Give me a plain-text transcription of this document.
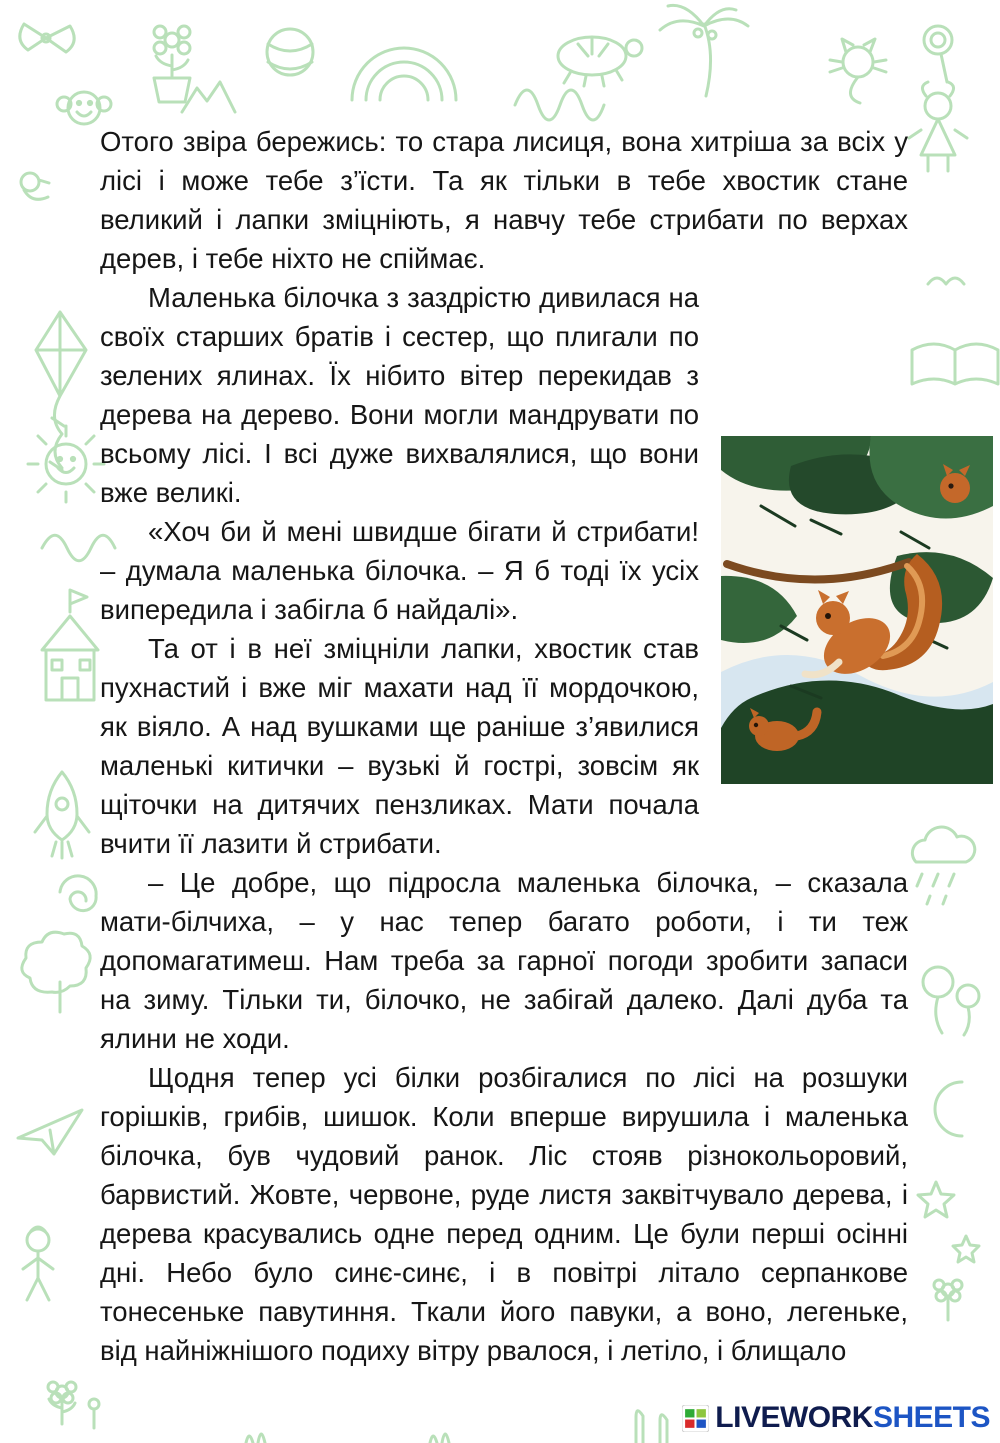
Отого звіра бережись: то стара лисиця, вона хитріша за всіх у лісі і може тебе з’їсти. Та як тільки в тебе хвостик стане великий і лапки зміцніють, я навчу тебе стрибати по верхах дерев, і тебе ніхто не спіймає.

Маленька білочка з заздрістю дивилася на своїх старших братів і сестер, що плигали по зелених ялинах. Їх нібито вітер перекидав з дерева на дерево. Вони могли мандрувати по всьому лісі. І всі дуже вихвалялися, що вони вже великі.

«Хоч би й мені швидше бігати й стрибати! – думала маленька білочка. – Я б тоді їх усіх випередила і забігла б найдалі».

Та от і в неї зміцніли лапки, хвостик став пухнастий і вже міг махати над її мордочкою, як віяло. А над вушками ще раніше з’явилися маленькі китички – вузькі й гострі, зовсім як щіточки на дитячих пензликах. Мати почала вчити її лазити й стрибати.

– Це добре, що підросла маленька білочка, – сказала мати-білчиха, – у нас тепер багато роботи, і ти теж допомагатимеш. Нам треба за гарної погоди зробити запаси на зиму. Тільки ти, білочко, не забігай далеко. Далі дуба та ялини не ходи.

Щодня тепер усі білки розбігалися по лісі на розшуки горішків, грибів, шишок. Коли вперше вирушила і маленька білочка, був чудовий ранок. Ліс стояв різнокольоровий, барвистий. Жовте, червоне, руде листя заквітчувало дерева, і дерева красувались одне перед одним. Це були перші осінні дні. Небо було синє-синє, і в повітрі літало серпанкове тонесеньке павутиння. Ткали його павуки, а воно, легеньке, від найніжнішого подиху вітру рвалося, і летіло, і блищало

LIVEWORKSHEETS
